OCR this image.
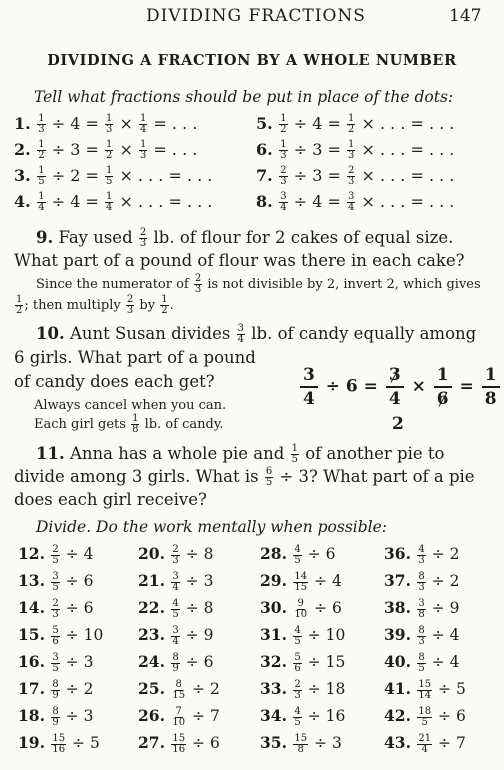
DIVIDING FRACTIONS	147
DIVIDING A FRACTION BY A WHOLE NUMBER
Tell what fractions should be put in place of the dots:
1. $\frac{1}{3} \div 4 = \frac{1}{3} \times \frac{1}{4}$ = . . .
2. $\frac{1}{2} \div 3 = \frac{1}{2} \times \frac{1}{3}$ = . . .
3. $\frac{1}{5} \div 2 = \frac{1}{5}$ × . . . = . . .
4. $\frac{1}{4} \div 4 = \frac{1}{4}$ × . . . = . . .
5. $\frac{1}{2} \div 4 = \frac{1}{2}$ × . . . = . . .
6. $\frac{1}{3} \div 3 = \frac{1}{3}$ × . . . = . . .
7. $\frac{2}{3} \div 3 = \frac{2}{3}$ × . . . = . . .
8. $\frac{3}{4} \div 4 = \frac{3}{4}$ × . . . = . . .
9. Fay used $\frac{2}{3}$ lb. of flour for 2 cakes of equal size. What part of a pound of flour was there in each cake?
Since the numerator of $\frac{2}{3}$ is not divisible by 2, invert 2, which gives
$\frac{1}{2}$ ; then multiply $\frac{2}{3}$ by $\frac{1}{2}$ .
10. Aunt Susan divides $\frac{3}{4}$ lb. of candy equally among
6 girls. What part of a pound
of candy does each get?
Always cancel when you can.
Each girl gets $\frac{1}{8}$ lb. of candy.
$\frac{3}{4} \div 6 = \frac{3}{4} \times \frac{1}{6} = \frac{1}{8}$
2
11. Anna has a whole pie and $\frac{1}{5}$ of another pie to divide among 3 girls. What is $\frac{6}{5} \div 3$? What part of a pie does each girl receive?
Divide. Do the work mentally when possible:
12. $\frac{2}{5} \div 4$
13. $\frac{3}{5} \div 6$
14. $\frac{2}{3} \div 6$
15. $\frac{5}{6} \div 10$
16. $\frac{3}{5} \div 3$
17. $\frac{8}{9} \div 2$
18. $\frac{8}{9} \div 3$
19. $\frac{15}{16} \div 5$
20. $\frac{2}{3} \div 8$
21. $\frac{3}{4} \div 3$
22. $\frac{4}{5} \div 8$
23. $\frac{3}{4} \div 9$
24. $\frac{8}{9} \div 6$
25. $\frac{8}{15} \div 2$
26. $\frac{7}{10} \div 7$
27. $\frac{15}{16} \div 6$
28. $\frac{4}{5} \div 6$
29. $\frac{14}{15} \div 4$
30. $\frac{9}{10} \div 6$
31. $\frac{4}{5} \div 10$
32. $\frac{5}{6} \div 15$
33. $\frac{2}{3} \div 18$
34. $\frac{4}{5} \div 16$
35. $\frac{15}{8} \div 3$
36. $\frac{4}{3} \div 2$
37. $\frac{8}{3} \div 2$
38. $\frac{3}{8} \div 9$
39. $\frac{8}{3} \div 4$
40. $\frac{8}{5} \div 4$
41. $\frac{15}{14} \div 5$
42. $\frac{18}{5} \div 6$
43. $\frac{21}{4} \div 7$
